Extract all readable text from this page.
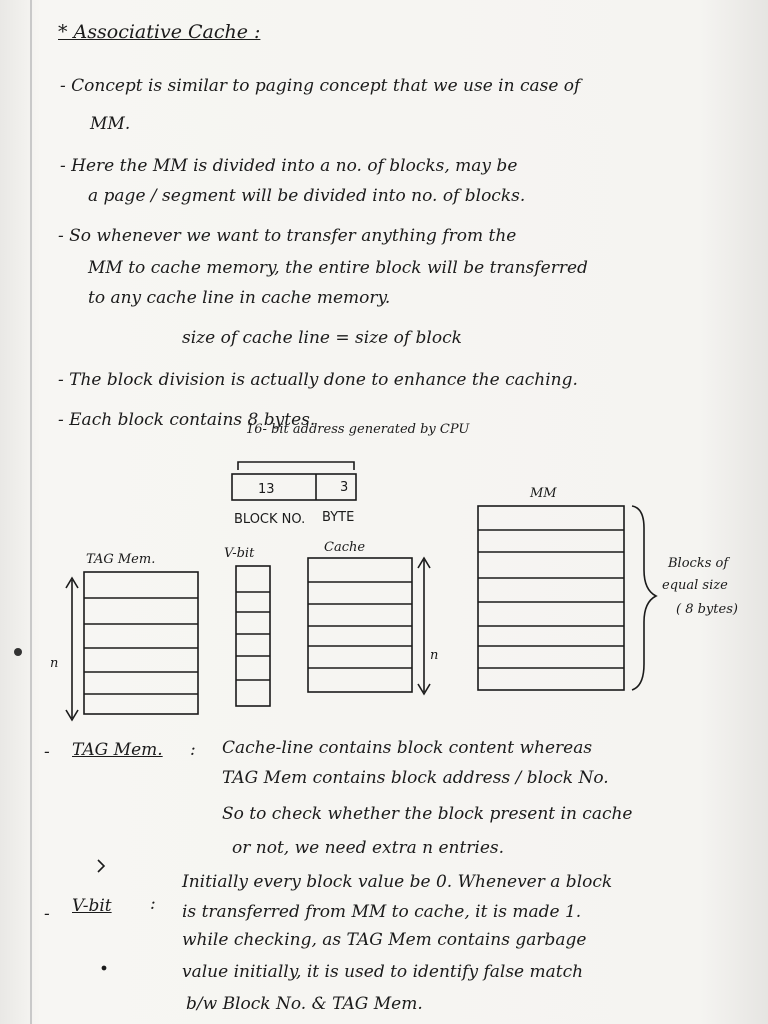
* Associative Cache :
- Concept is similar to paging concept that we use in case of
MM.
- Here the MM is divided into a no. of blocks, may be
a page / segment will be divided into no. of blocks.
- So whenever we want to transfer anything from the
MM to cache memory, the entire block will be transferred
to any cache line in cache memory.
size of cache line = size of block
- The block division is actually done to enhance the caching.
- Each block contains 8 bytes.
16- bit address generated by CPU
13	3
BLOCK NO. BYTE
TAG Mem.	V-bit	Cache
MM
n
n
Blocks of
equal size
( 8 bytes)
- TAG Mem. : Cache-line contains block content whereas
TAG Mem contains block address / block No.
So to check whether the block present in cache
or not, we need extra n entries.
- V-bit :
Initially every block value be 0. Whenever a block
is transferred from MM to cache, it is made 1.
while checking, as TAG Mem contains garbage
value initially, it is used to identify false match
b/w Block No. & TAG Mem.
